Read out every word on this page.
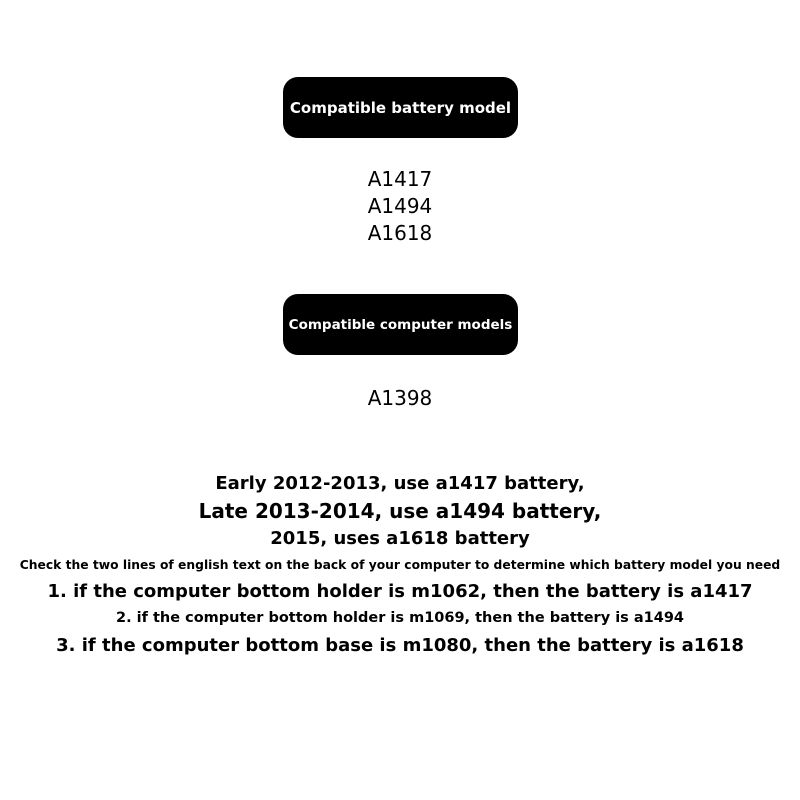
Compatible battery model
A1417
A1494
A1618
Compatible computer models
A1398
Early 2012-2013, use a1417 battery,
Late 2013-2014, use a1494 battery,
2015, uses a1618 battery
Check the two lines of english text on the back of your computer to determine which battery model you need
1. if the computer bottom holder is m1062, then the battery is a1417
2. if the computer bottom holder is m1069, then the battery is a1494
3. if the computer bottom base is m1080, then the battery is a1618
